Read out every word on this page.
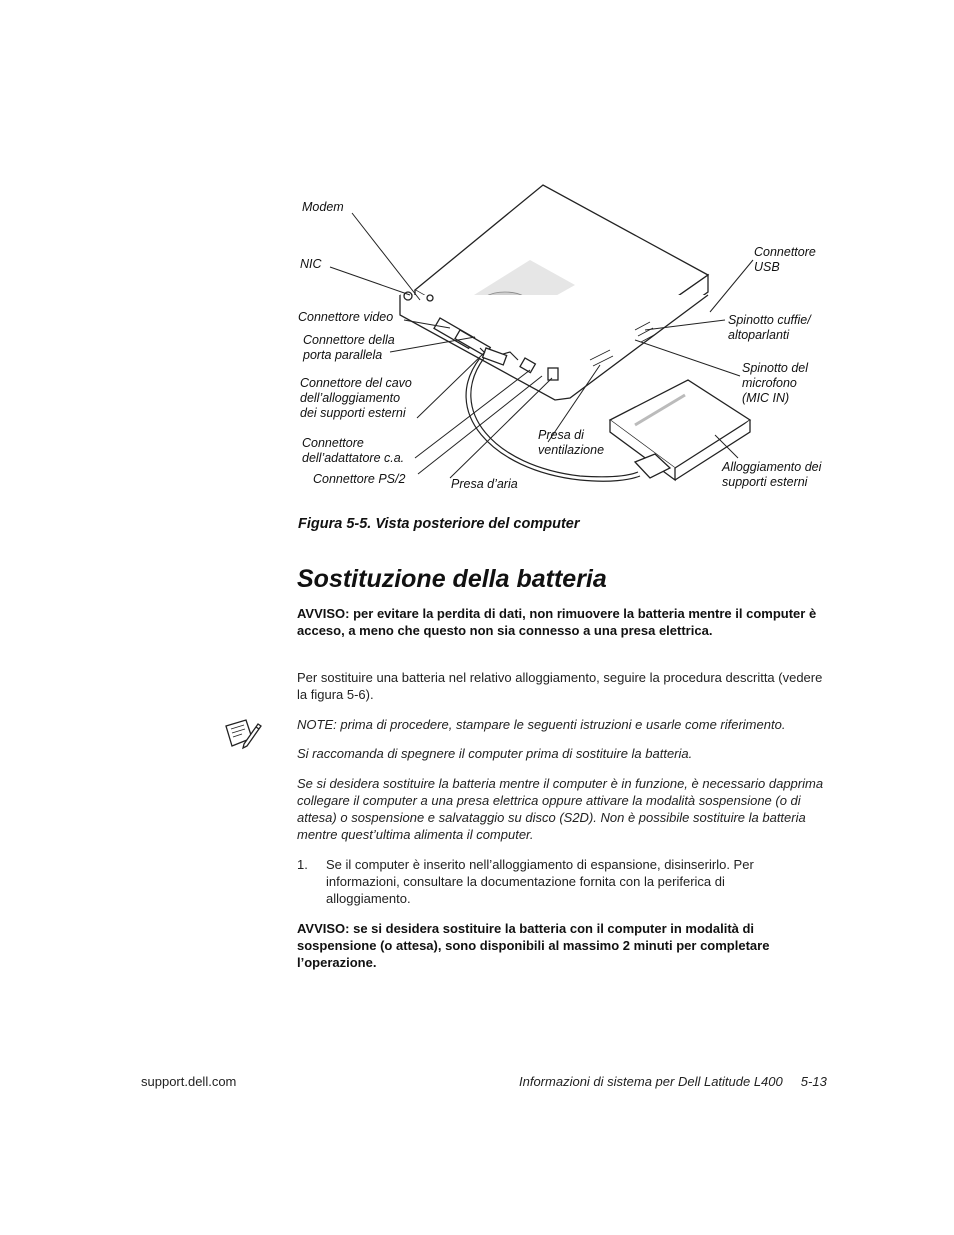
Modem
NIC
Connettore video
Connettore della
porta parallela
Connettore del cavo
dell’alloggiamento
dei supporti esterni
Connettore
dell’adattatore c.a.
Connettore PS/2	Presa d’aria
Presa di
ventilazione
Connettore
USB
Spinotto cuffie/
altoparlanti
Spinotto del
microfono
(MIC IN)
Alloggiamento dei
supporti esterni
Figura 5-5. Vista posteriore del computer
Sostituzione della batteria
AVVISO: per evitare la perdita di dati, non rimuovere la batteria mentre il computer è acceso, a meno che questo non sia connesso a una presa elettrica.
Per sostituire una batteria nel relativo alloggiamento, seguire la procedura descritta (vedere la figura 5-6).
NOTE: prima di procedere, stampare le seguenti istruzioni e usarle come riferimento.
Si raccomanda di spegnere il computer prima di sostituire la batteria.
Se si desidera sostituire la batteria mentre il computer è in funzione, è necessario dapprima collegare il computer a una presa elettrica oppure attivare la modalità sospensione (o di attesa) o sospensione e salvataggio su disco (S2D). Non è possibile sostituire la batteria mentre quest’ultima alimenta il computer.
1. Se il computer è inserito nell’alloggiamento di espansione, disinserirlo. Per informazioni, consultare la documentazione fornita con la periferica di alloggiamento.
AVVISO: se si desidera sostituire la batteria con il computer in modalità di sospensione (o attesa), sono disponibili al massimo 2 minuti per completare l’operazione.
support.dell.com	Informazioni di sistema per Dell Latitude L400     5-13
